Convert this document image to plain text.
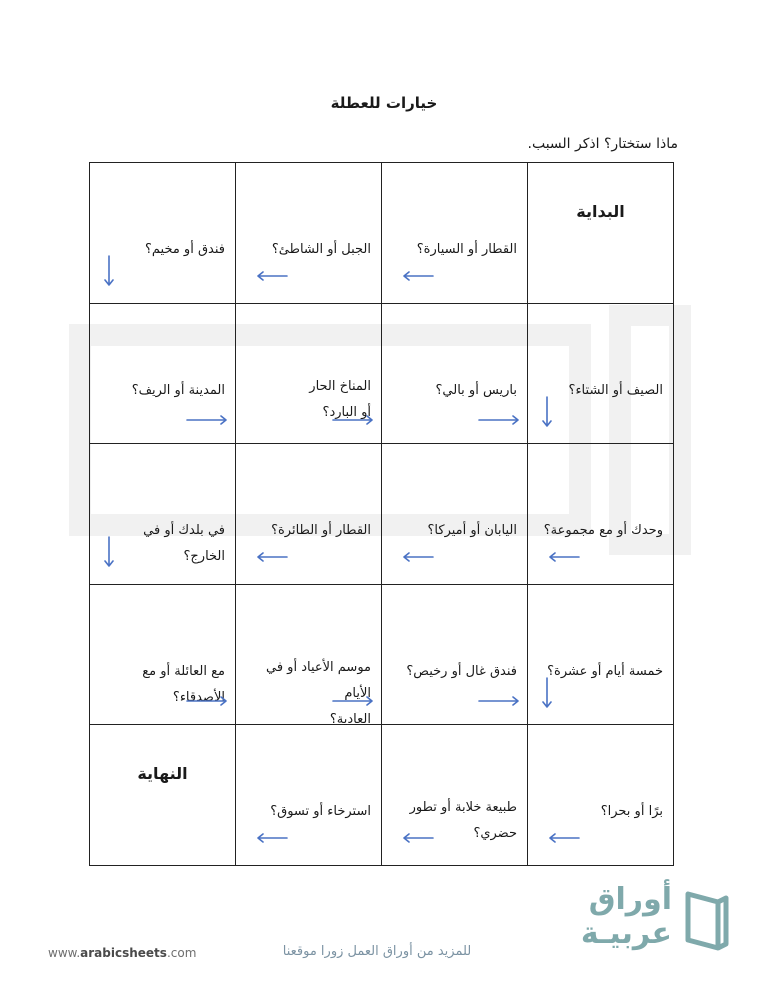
خيارات للعطلة
ماذا ستختار؟ اذكر السبب.
البداية
القطار أو السيارة؟
الجبل أو الشاطئ؟
فندق أو مخيم؟
الصيف أو الشتاء؟
باريس أو بالي؟
المناخ الحار
أو البارد؟
المدينة أو الريف؟
وحدك أو مع مجموعة؟
اليابان أو أميركا؟
القطار أو الطائرة؟
في بلدك أو في الخارج؟
خمسة أيام أو عشرة؟
فندق غال أو رخيص؟
موسم الأعياد أو في الأيام
العادية؟
مع العائلة أو مع الأصدقاء؟
برًا أو بحرا؟
طبيعة خلابة أو تطور
حضري؟
استرخاء أو تسوق؟
النهاية
www.arabicsheets.com	للمزيد من أوراق العمل زورا موقعنا
أوراق
عربيـة
